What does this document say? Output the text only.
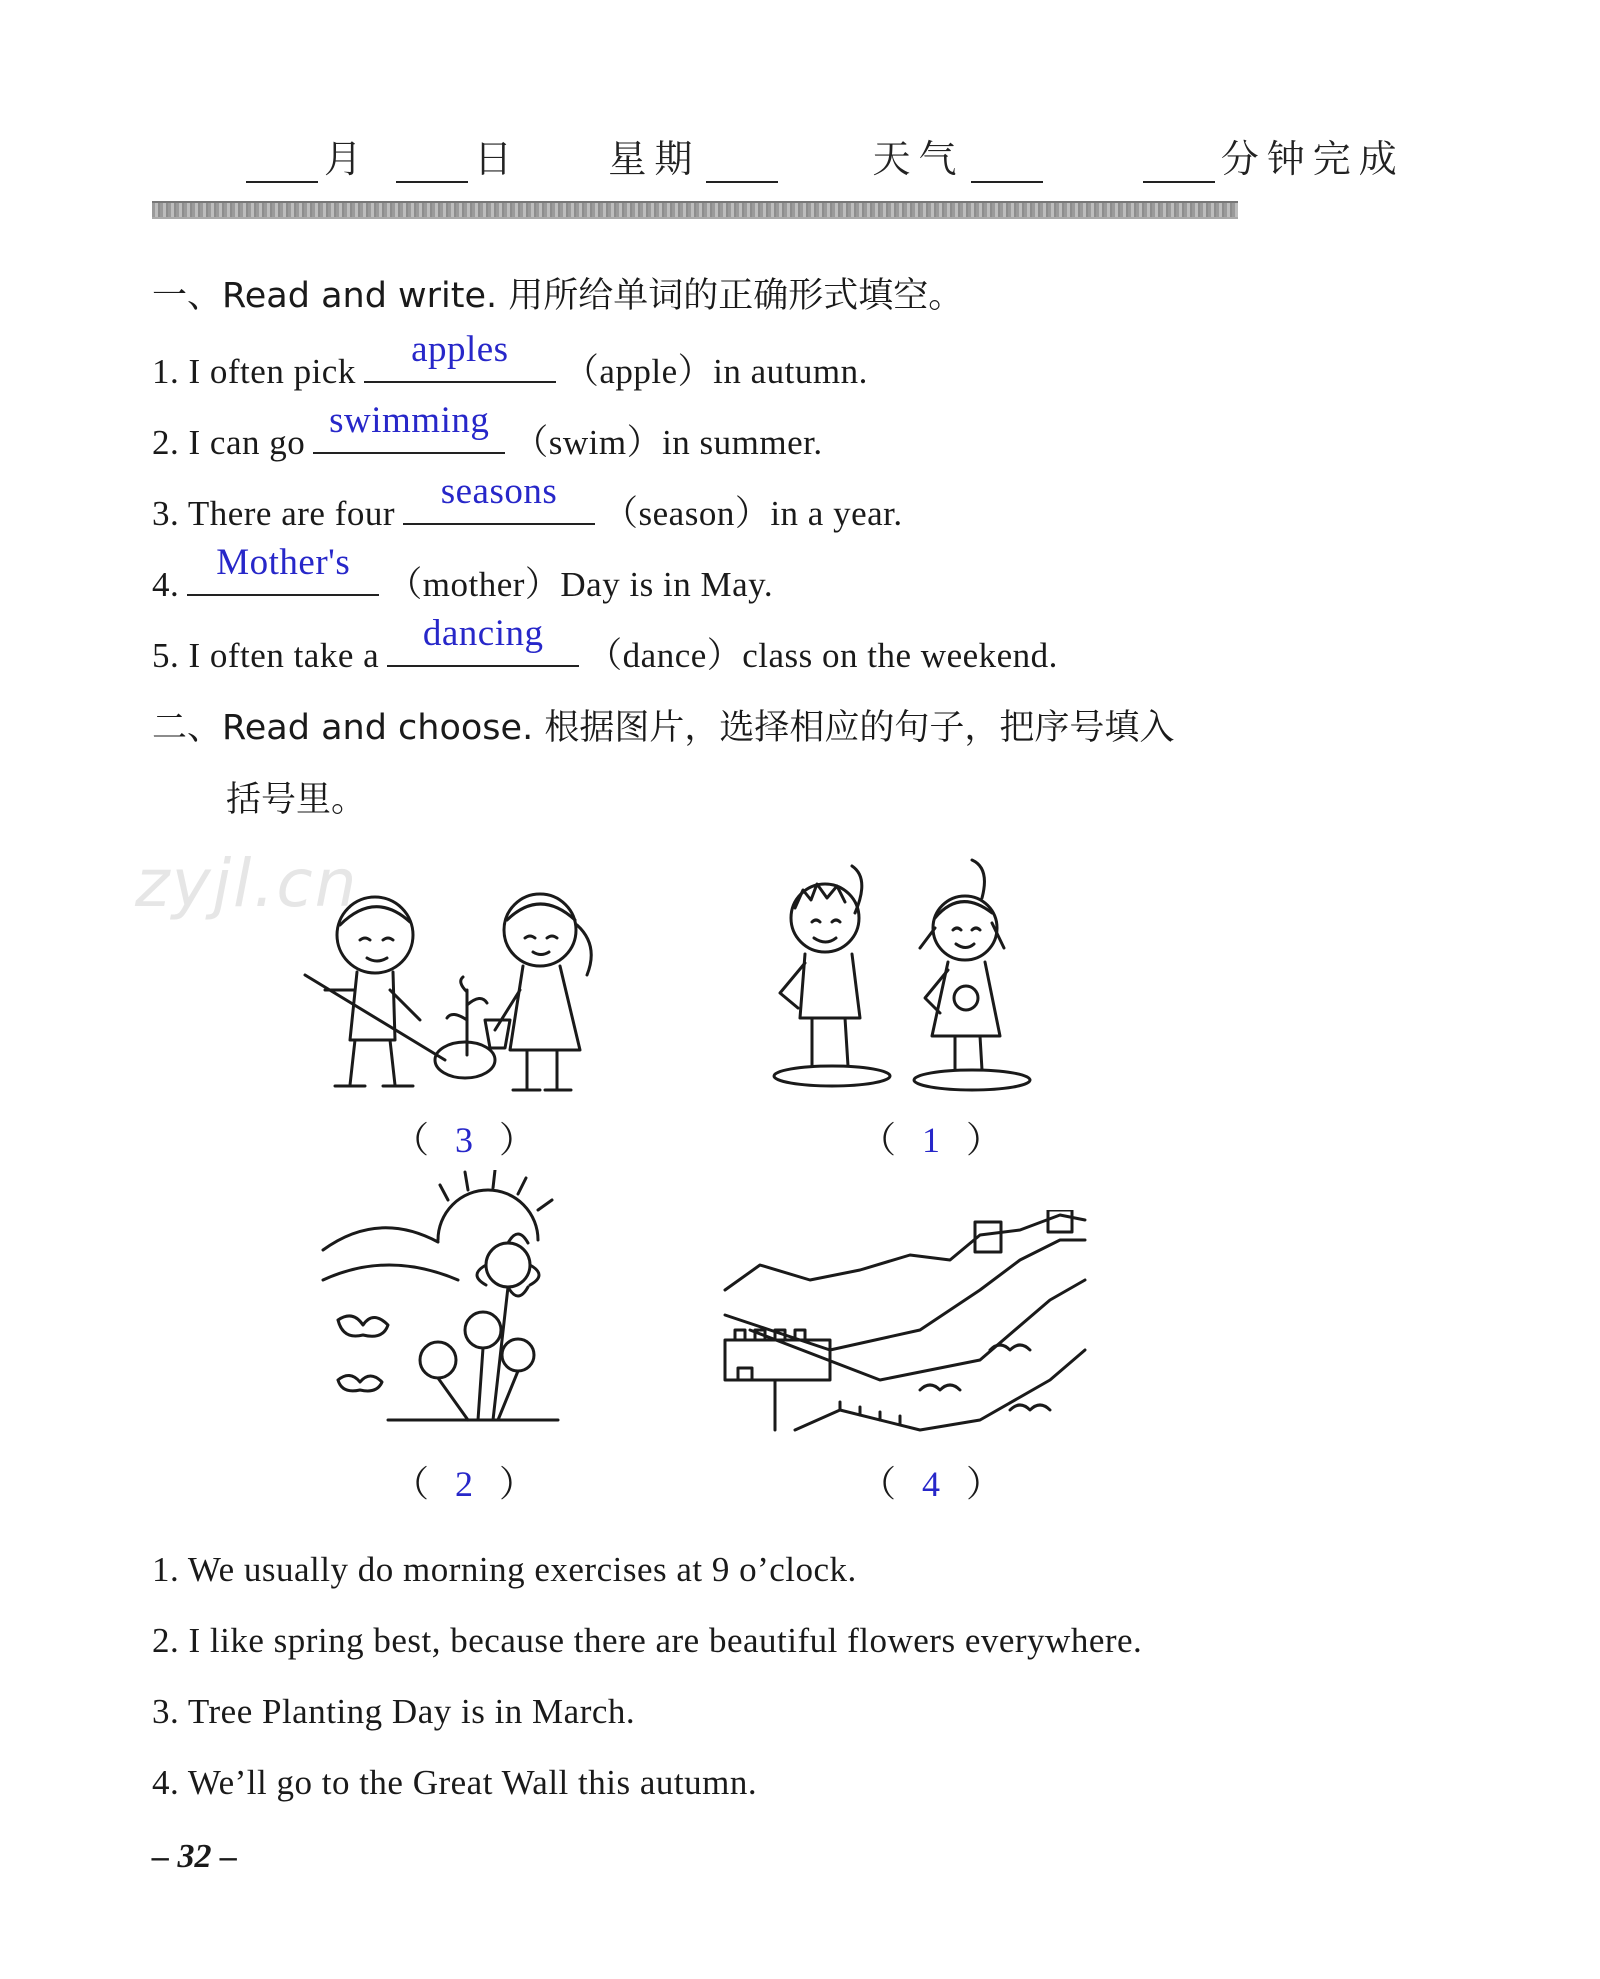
月	日 星期	天气	分钟完成
一、Read and write. 用所给单词的正确形式填空。
1. I often pick
apples
（apple）in autumn.
2. I can go
swimming
（swim）in summer.
3. There are four
seasons
（season）in a year.
4.
Mother's
（mother）Day is in May.
5. I often take a
dancing
（dance）class on the weekend.
二、Read and choose. 根据图片，选择相应的句子，把序号填入
括号里。
zyjl.cn
（ 3 ）	（ 1 ）
（ 2 ）	（ 4 ）
1. We usually do morning exercises at 9 o’clock.
2. I like spring best, because there are beautiful flowers everywhere.
3. Tree Planting Day is in March.
4. We’ll go to the Great Wall this autumn.
– 32 –
